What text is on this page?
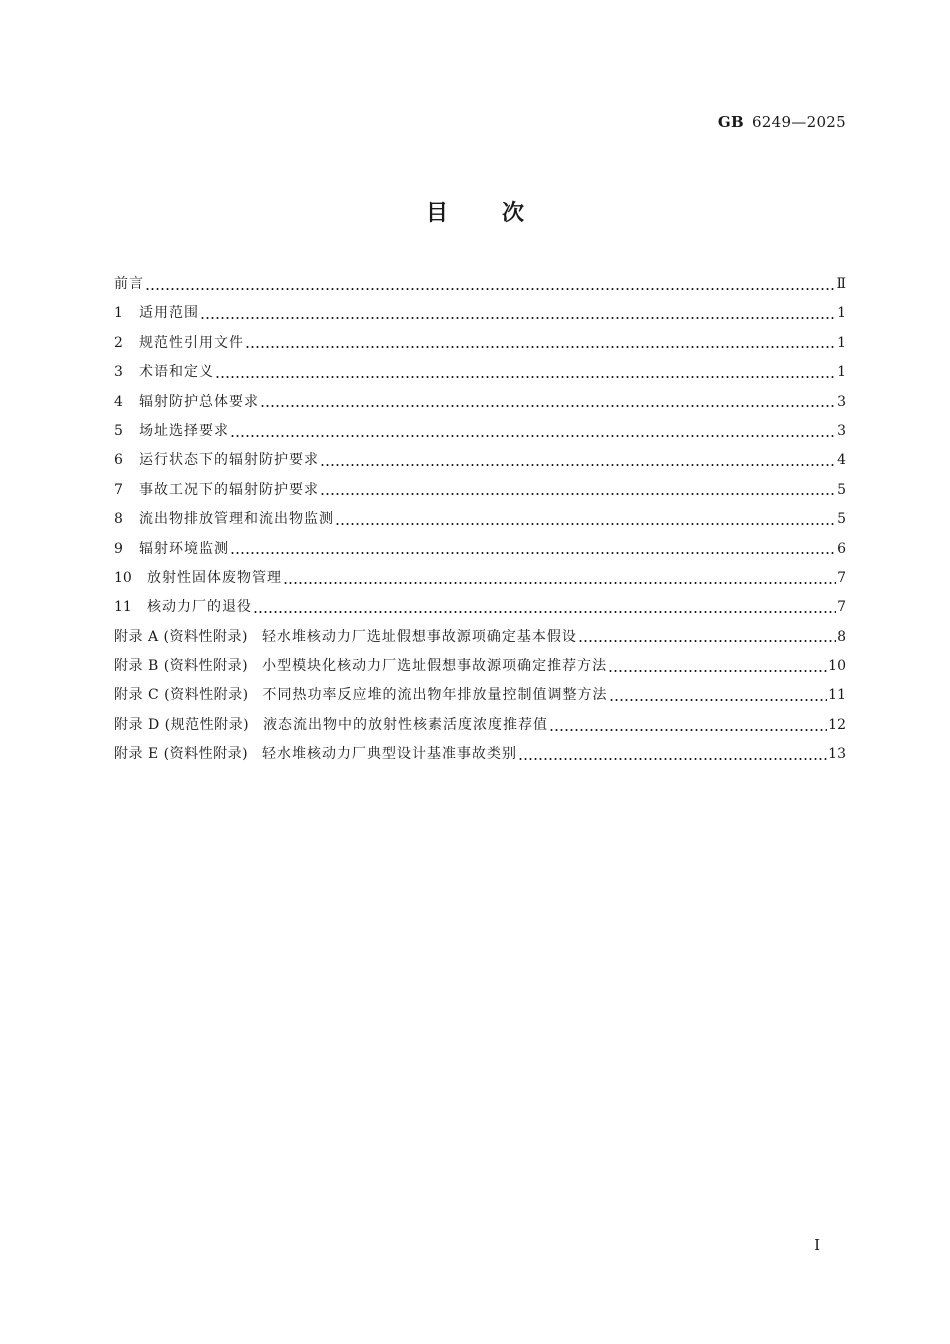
GB 6249—2025
目次
前言	Ⅱ
1	适用范围	1
2	规范性引用文件	1
3	术语和定义	1
4	辐射防护总体要求	3
5	场址选择要求	3
6	运行状态下的辐射防护要求	4
7	事故工况下的辐射防护要求	5
8	流出物排放管理和流出物监测	5
9	辐射环境监测	6
10	放射性固体废物管理	7
11	核动力厂的退役	7
附录 A (资料性附录) 轻水堆核动力厂选址假想事故源项确定基本假设	8
附录 B (资料性附录) 小型模块化核动力厂选址假想事故源项确定推荐方法	10
附录 C (资料性附录) 不同热功率反应堆的流出物年排放量控制值调整方法	11
附录 D (规范性附录) 液态流出物中的放射性核素活度浓度推荐值	12
附录 E (资料性附录) 轻水堆核动力厂典型设计基准事故类别	13
I
